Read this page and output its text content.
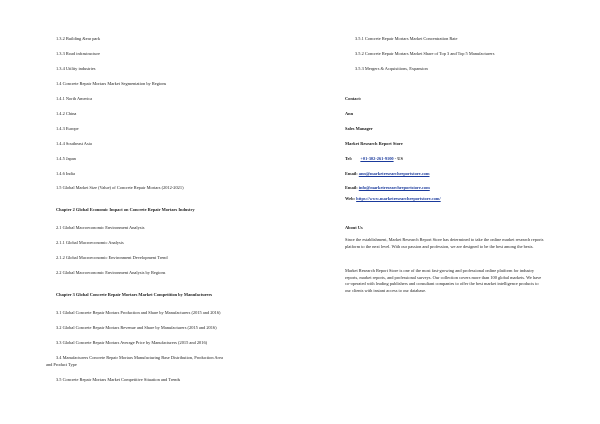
1.3.2 Building &ear park
1.3.3 Road infrastructure
1.3.4 Utility industries
1.4 Concrete Repair Mortars Market Segmentation by Regions
1.4.1 North America
1.4.2 China
1.4.3 Europe
1.4.4 Southeast Asia
1.4.5 Japan
1.4.6 India
1.5 Global Market Size (Value) of Concrete Repair Mortars (2012-2021)
Chapter 2 Global Economic Impact on Concrete Repair Mortars Industry
2.1 Global Macroeconomic Environment Analysis
2.1.1 Global Macroeconomic Analysis
2.1.2 Global Macroeconomic Environment Development Trend
2.2 Global Macroeconomic Environment Analysis by Regions
Chapter 3 Global Concrete Repair Mortars Market Competition by Manufacturers
3.1 Global Concrete Repair Mortars Production and Share by Manufacturers (2015 and 2016)
3.2 Global Concrete Repair Mortars Revenue and Share by Manufacturers (2015 and 2016)
3.3 Global Concrete Repair Mortars Average Price by Manufacturers (2015 and 2016)
3.4 Manufacturers Concrete Repair Mortars Manufacturing Base Distribution, Production Area
and Product Type
3.5 Concrete Repair Mortars Market Competitive Situation and Trends
3.5.1 Concrete Repair Mortars Market Concentration Rate
3.5.2 Concrete Repair Mortars Market Share of Top 3 and Top 5 Manufacturers
3.5.3 Mergers & Acquisitions, Expansion
Contact:
Ann
Sales Manager
Market Research Report Store
Tel: +01-302-261-9100 - US
Email: ann@marketresearchreportstore.com
Email: info@marketresearchreportstore.com
Web: https://www.marketresearchreportstore.com/
About Us
Since the establishment, Market Research Report Store has determined to take the online market research reports platform to the next level. With our passion and profession, we are designed to be the best among the bests.
Market Research Report Store is one of the most fast-growing and professional online platform for industry reports, market reports, and professional surveys. Our collection covers more than 100 global markets. We have co-operated with leading publishers and consultant companies to offer the best market intelligence products to our clients with instant access to our database.
